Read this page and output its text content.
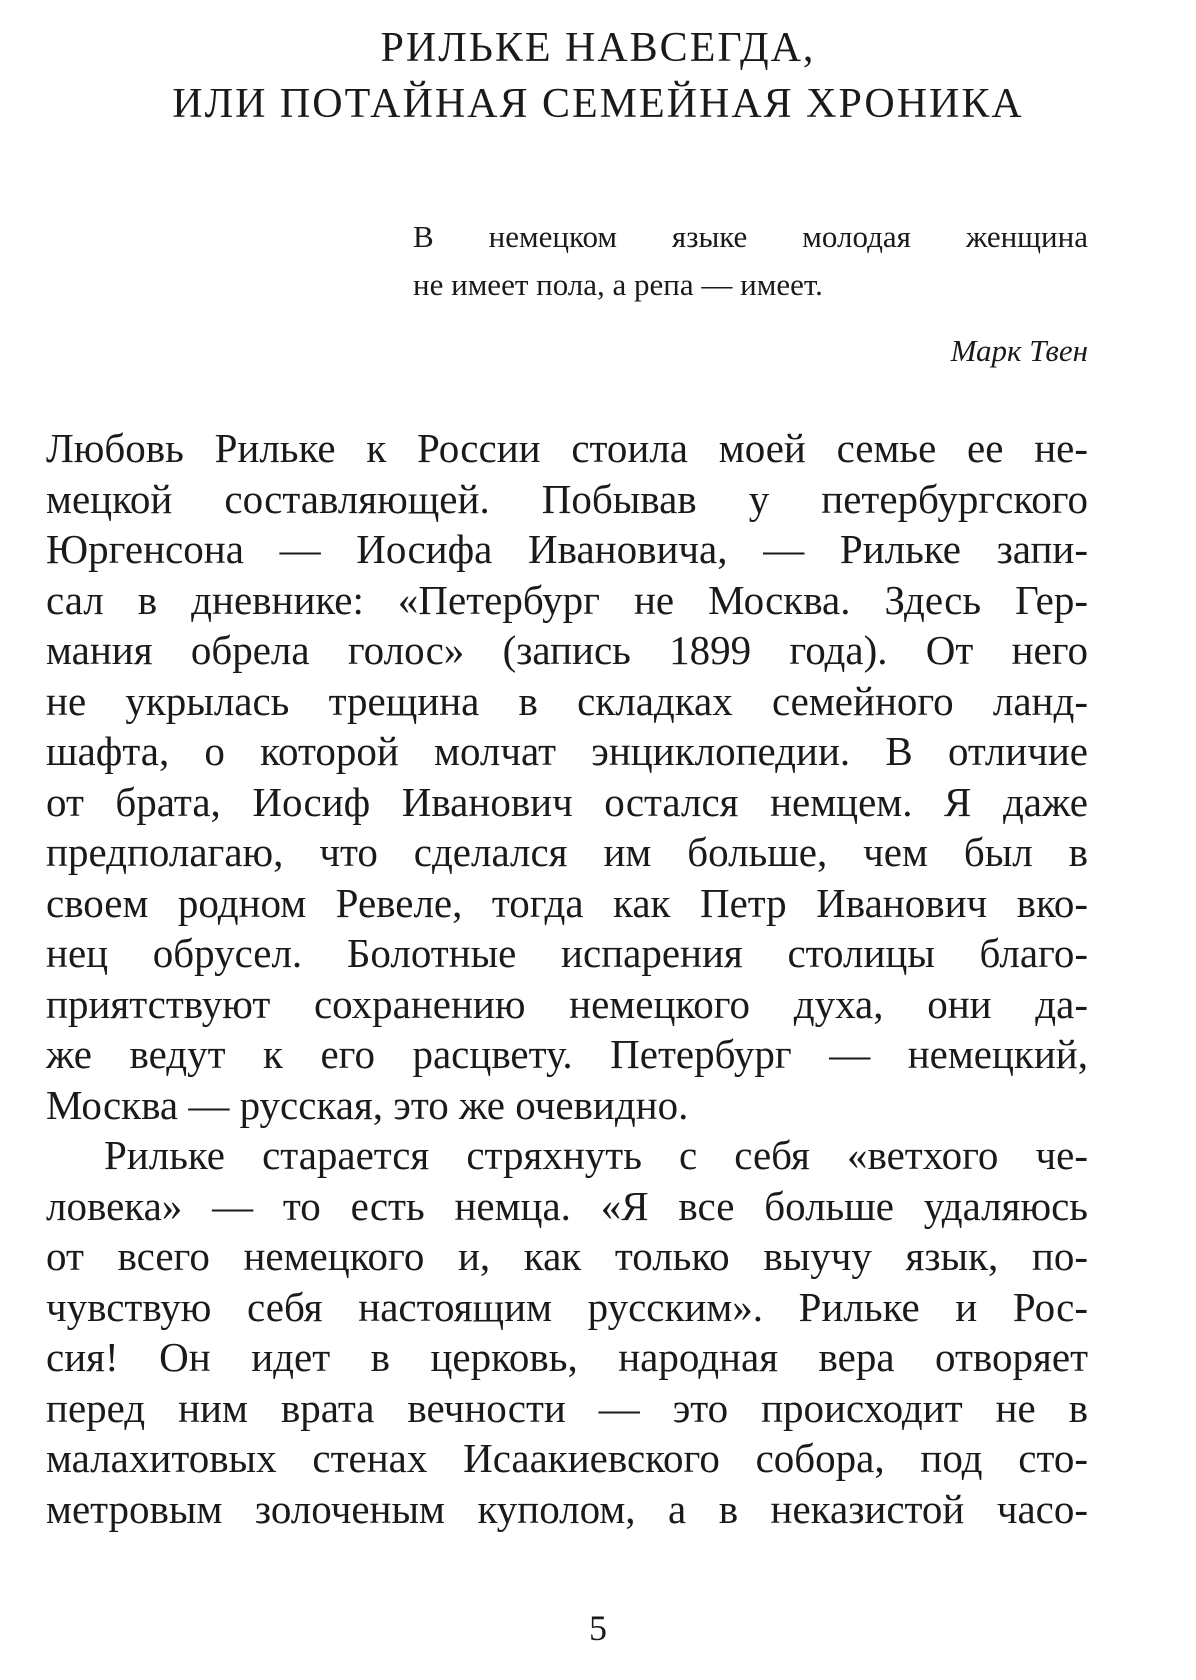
РИЛЬКЕ НАВСЕГДА,
ИЛИ ПОТАЙНАЯ СЕМЕЙНАЯ ХРОНИКА
В немецком языке молодая женщина
не имеет пола, а репа — имеет.
Марк Твен
Любовь Рильке к России стоила моей семье ее не-
мецкой составляющей. Побывав у петербургского
Юргенсона — Иосифа Ивановича, — Рильке запи-
сал в дневнике: «Петербург не Москва. Здесь Гер-
мания обрела голос» (запись 1899 года). От него
не укрылась трещина в складках семейного ланд-
шафта, о которой молчат энциклопедии. В отличие
от брата, Иосиф Иванович остался немцем. Я даже
предполагаю, что сделался им больше, чем был в
своем родном Ревеле, тогда как Петр Иванович вко-
нец обрусел. Болотные испарения столицы благо-
приятствуют сохранению немецкого духа, они да-
же ведут к его расцвету. Петербург — немецкий,
Москва — русская, это же очевидно.
Рильке старается стряхнуть с себя «ветхого че-
ловека» — то есть немца. «Я все больше удаляюсь
от всего немецкого и, как только выучу язык, по-
чувствую себя настоящим русским». Рильке и Рос-
сия! Он идет в церковь, народная вера отворяет
перед ним врата вечности — это происходит не в
малахитовых стенах Исаакиевского собора, под сто-
метровым золоченым куполом, а в неказистой часо-
5
